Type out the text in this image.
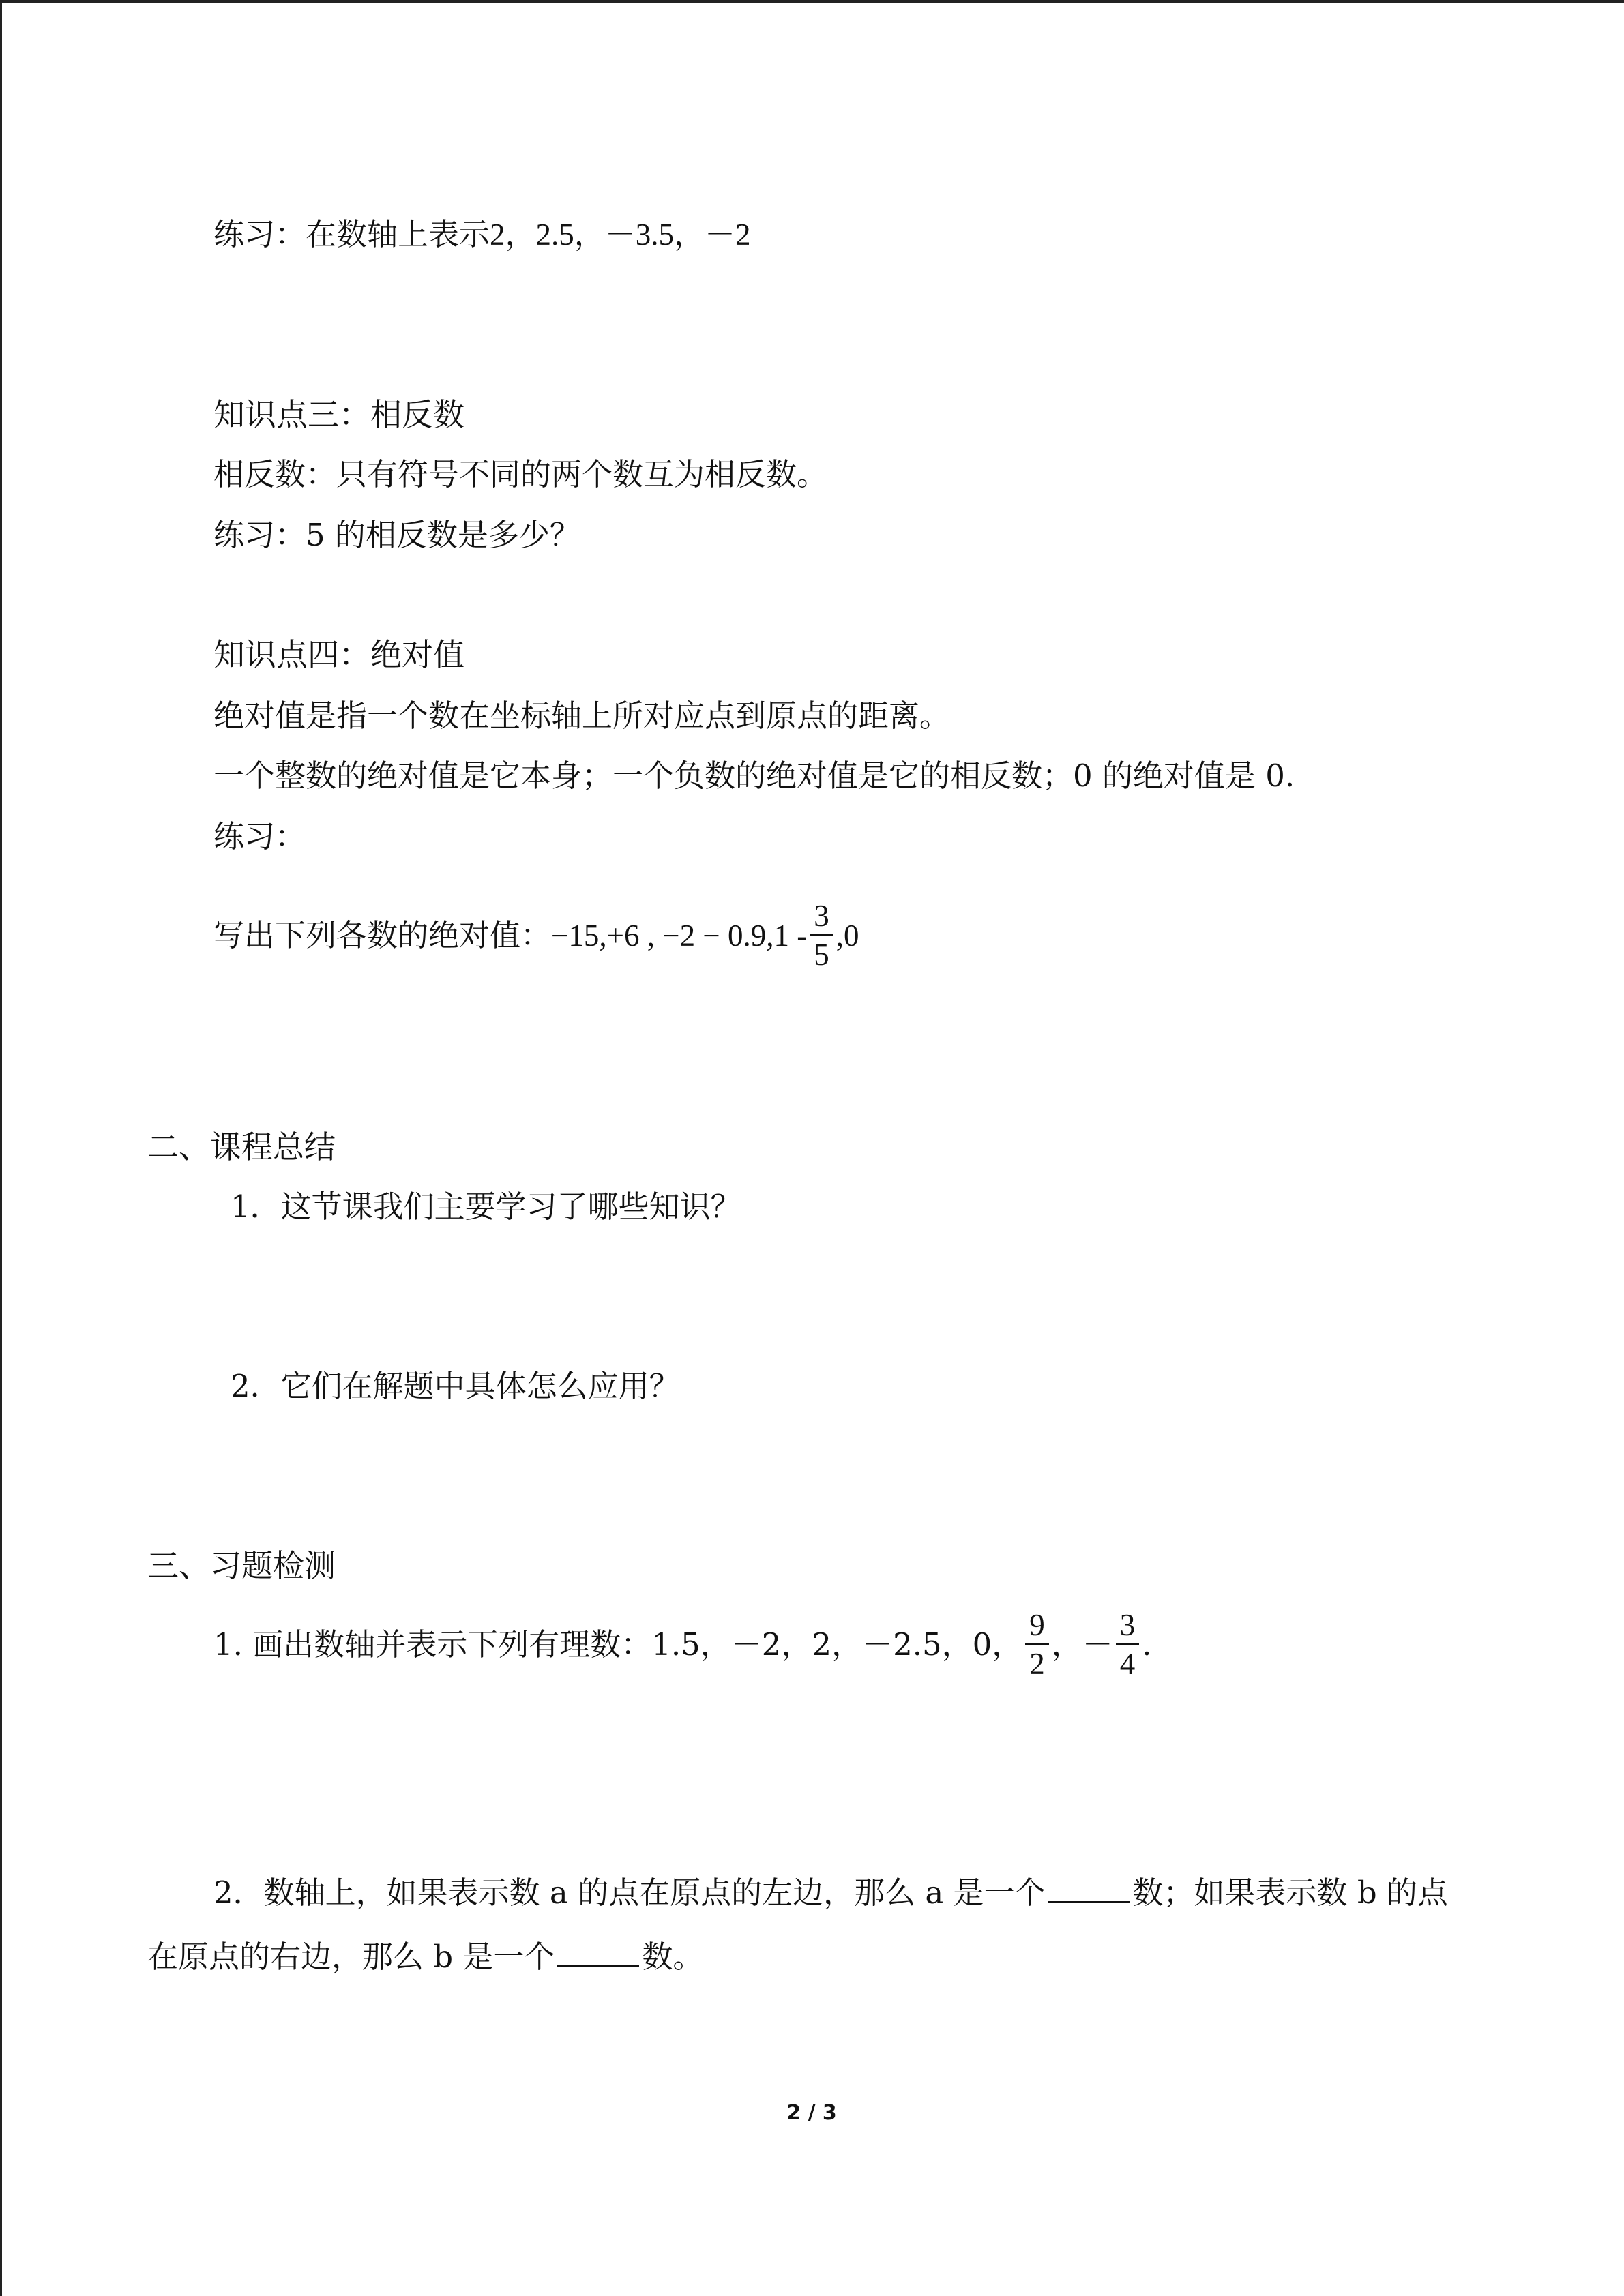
练习：在数轴上表示2，2.5，－3.5，－2
知识点三：相反数
相反数：只有符号不同的两个数互为相反数。
练习：5 的相反数是多少？
知识点四：绝对值
绝对值是指一个数在坐标轴上所对应点到原点的距离。
一个整数的绝对值是它本身；一个负数的绝对值是它的相反数；0 的绝对值是 0.
练习：
写出下列各数的绝对值：−15,+6 , $-2 - 0.9,1 - \frac{3}{5} ,0$
二、课程总结
1．这节课我们主要学习了哪些知识？
2．它们在解题中具体怎么应用？
三、习题检测
1. 画出数轴并表示下列有理数：1.5，－2，2，－2.5，0， $\frac{9}{2}$ ，－ $\frac{3}{4}$ .
2．数轴上，如果表示数 a 的点在原点的左边，那么 a 是一个	数；如果表示数 b 的点
在原点的右边，那么 b 是一个	数。
2 / 3
